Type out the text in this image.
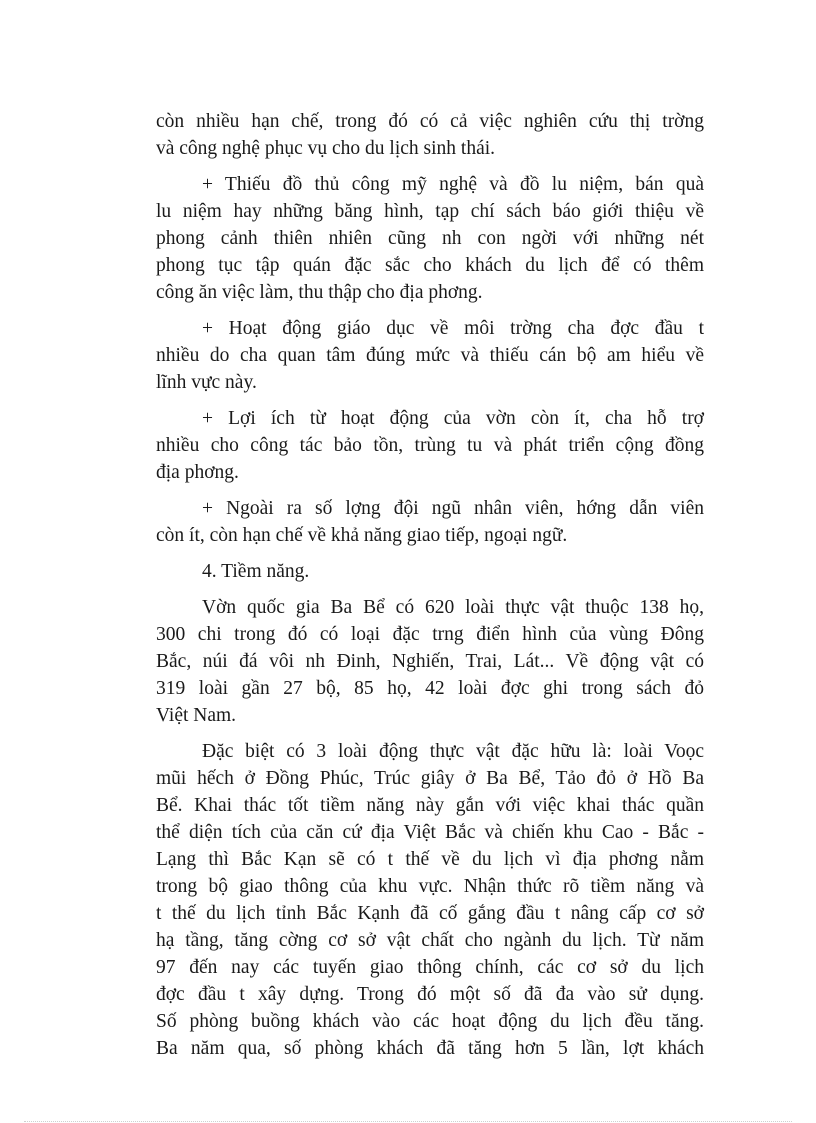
còn nhiều hạn chế, trong đó có cả việc nghiên cứu thị trờng
và công nghệ phục vụ cho du lịch sinh thái.

+ Thiếu đồ thủ công mỹ nghệ và đồ lu niệm, bán quà
lu niệm hay những băng hình, tạp chí sách báo giới thiệu về
phong cảnh thiên nhiên cũng nh con ngời với những nét
phong tục tập quán đặc sắc cho khách du lịch để có thêm
công ăn việc làm, thu thập cho địa phơng.

+ Hoạt động giáo dục về môi trờng cha đợc đầu t
nhiều do cha quan tâm đúng mức và thiếu cán bộ am hiểu về
lĩnh vực này.

+ Lợi ích từ hoạt động của vờn còn ít, cha hỗ trợ
nhiều cho công tác bảo tồn, trùng tu và phát triển cộng đồng
địa phơng.

+ Ngoài ra số lợng đội ngũ nhân viên, hớng dẫn viên
còn ít, còn hạn chế về khả năng giao tiếp, ngoại ngữ.

4. Tiềm năng.

Vờn quốc gia Ba Bể có 620 loài thực vật thuộc 138 họ,
300 chi trong đó có loại đặc trng điển hình của vùng Đông
Bắc, núi đá vôi nh Đinh, Nghiến, Trai, Lát... Về động vật có
319 loài gần 27 bộ, 85 họ, 42 loài đợc ghi trong sách đỏ
Việt Nam.

Đặc biệt có 3 loài động thực vật đặc hữu là: loài Voọc
mũi hếch ở Đồng Phúc, Trúc giây ở Ba Bể, Tảo đỏ ở Hồ Ba
Bể. Khai thác tốt tiềm năng này gắn với việc khai thác quần
thể diện tích của căn cứ địa Việt Bắc và chiến khu Cao - Bắc -
Lạng thì Bắc Kạn sẽ có t thế về du lịch vì địa phơng nằm
trong bộ giao thông của khu vực. Nhận thức rõ tiềm năng và
t thế du lịch tỉnh Bắc Kạnh đã cố gắng đầu t nâng cấp cơ sở
hạ tầng, tăng cờng cơ sở vật chất cho ngành du lịch. Từ năm
97 đến nay các tuyến giao thông chính, các cơ sở du lịch
đợc đầu t xây dựng. Trong đó một số đã đa vào sử dụng.
Số phòng buồng khách vào các hoạt động du lịch đều tăng.
Ba năm qua, số phòng khách đã tăng hơn 5 lần, lợt khách
